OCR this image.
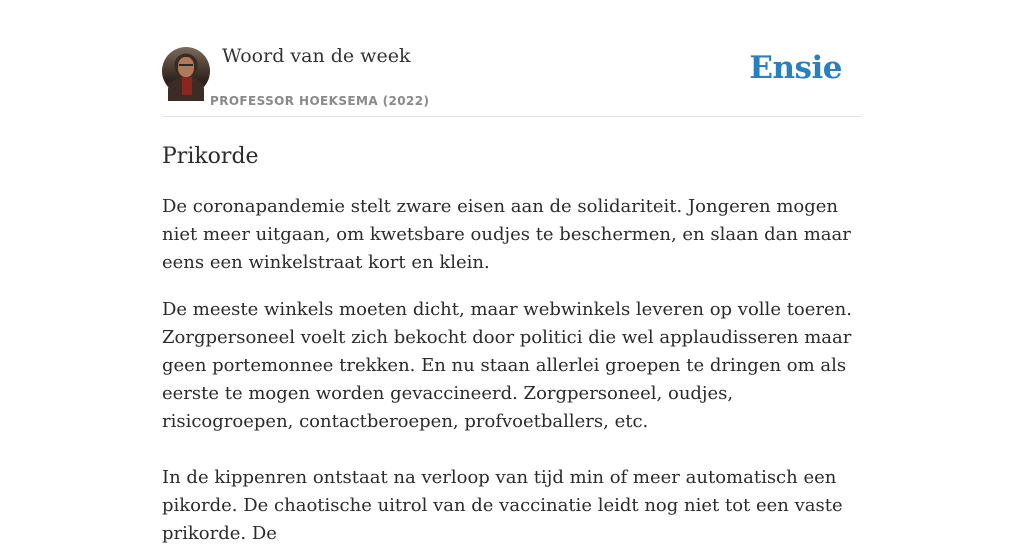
Woord van de week
PROFESSOR HOEKSEMA (2022)
Ensie
Prikorde

De coronapandemie stelt zware eisen aan de solidariteit. Jongeren mogen niet meer uitgaan, om kwetsbare oudjes te beschermen, en slaan dan maar eens een winkelstraat kort en klein.

De meeste winkels moeten dicht, maar webwinkels leveren op volle toeren. Zorgpersoneel voelt zich bekocht door politici die wel applaudisseren maar geen portemonnee trekken. En nu staan allerlei groepen te dringen om als eerste te mogen worden gevaccineerd. Zorgpersoneel, oudjes, risicogroepen, contactberoepen, profvoetballers, etc.

In de kippenren ontstaat na verloop van tijd min of meer automatisch een pikorde. De chaotische uitrol van de vaccinatie leidt nog niet tot een vaste prikorde. De
